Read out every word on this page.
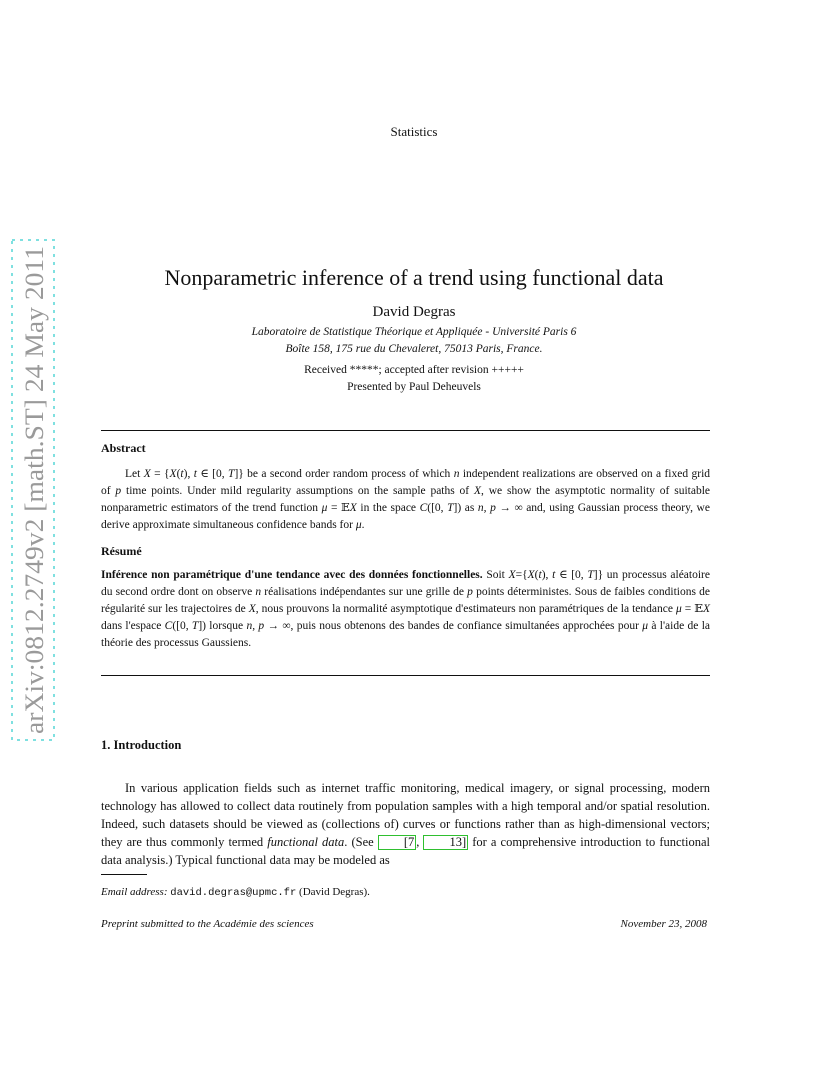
arXiv:0812.2749v2 [math.ST] 24 May 2011
Statistics
Nonparametric inference of a trend using functional data
David Degras
Laboratoire de Statistique Théorique et Appliquée - Université Paris 6
Boîte 158, 175 rue du Chevaleret, 75013 Paris, France.
Received *****; accepted after revision +++++
Presented by Paul Deheuvels
Abstract
Let X = {X(t), t ∈ [0, T]} be a second order random process of which n independent realizations are observed on a fixed grid of p time points. Under mild regularity assumptions on the sample paths of X, we show the asymptotic normality of suitable nonparametric estimators of the trend function μ = 𝔼X in the space C([0, T]) as n, p → ∞ and, using Gaussian process theory, we derive approximate simultaneous confidence bands for μ.
Résumé
Inférence non paramétrique d'une tendance avec des données fonctionnelles. Soit X={X(t), t ∈ [0, T]} un processus aléatoire du second ordre dont on observe n réalisations indépendantes sur une grille de p points déterministes. Sous de faibles conditions de régularité sur les trajectoires de X, nous prouvons la normalité asymptotique d'estimateurs non paramétriques de la tendance μ = 𝔼X dans l'espace C([0, T]) lorsque n, p → ∞, puis nous obtenons des bandes de confiance simultanées approchées pour μ à l'aide de la théorie des processus Gaussiens.
1. Introduction
In various application fields such as internet traffic monitoring, medical imagery, or signal processing, modern technology has allowed to collect data routinely from population samples with a high temporal and/or spatial resolution. Indeed, such datasets should be viewed as (collections of) curves or functions rather than as high-dimensional vectors; they are thus commonly termed functional data. (See [7 , 13] for a comprehensive introduction to functional data analysis.) Typical functional data may be modeled as
Email address: david.degras@upmc.fr (David Degras).
Preprint submitted to the Académie des sciences	November 23, 2008
